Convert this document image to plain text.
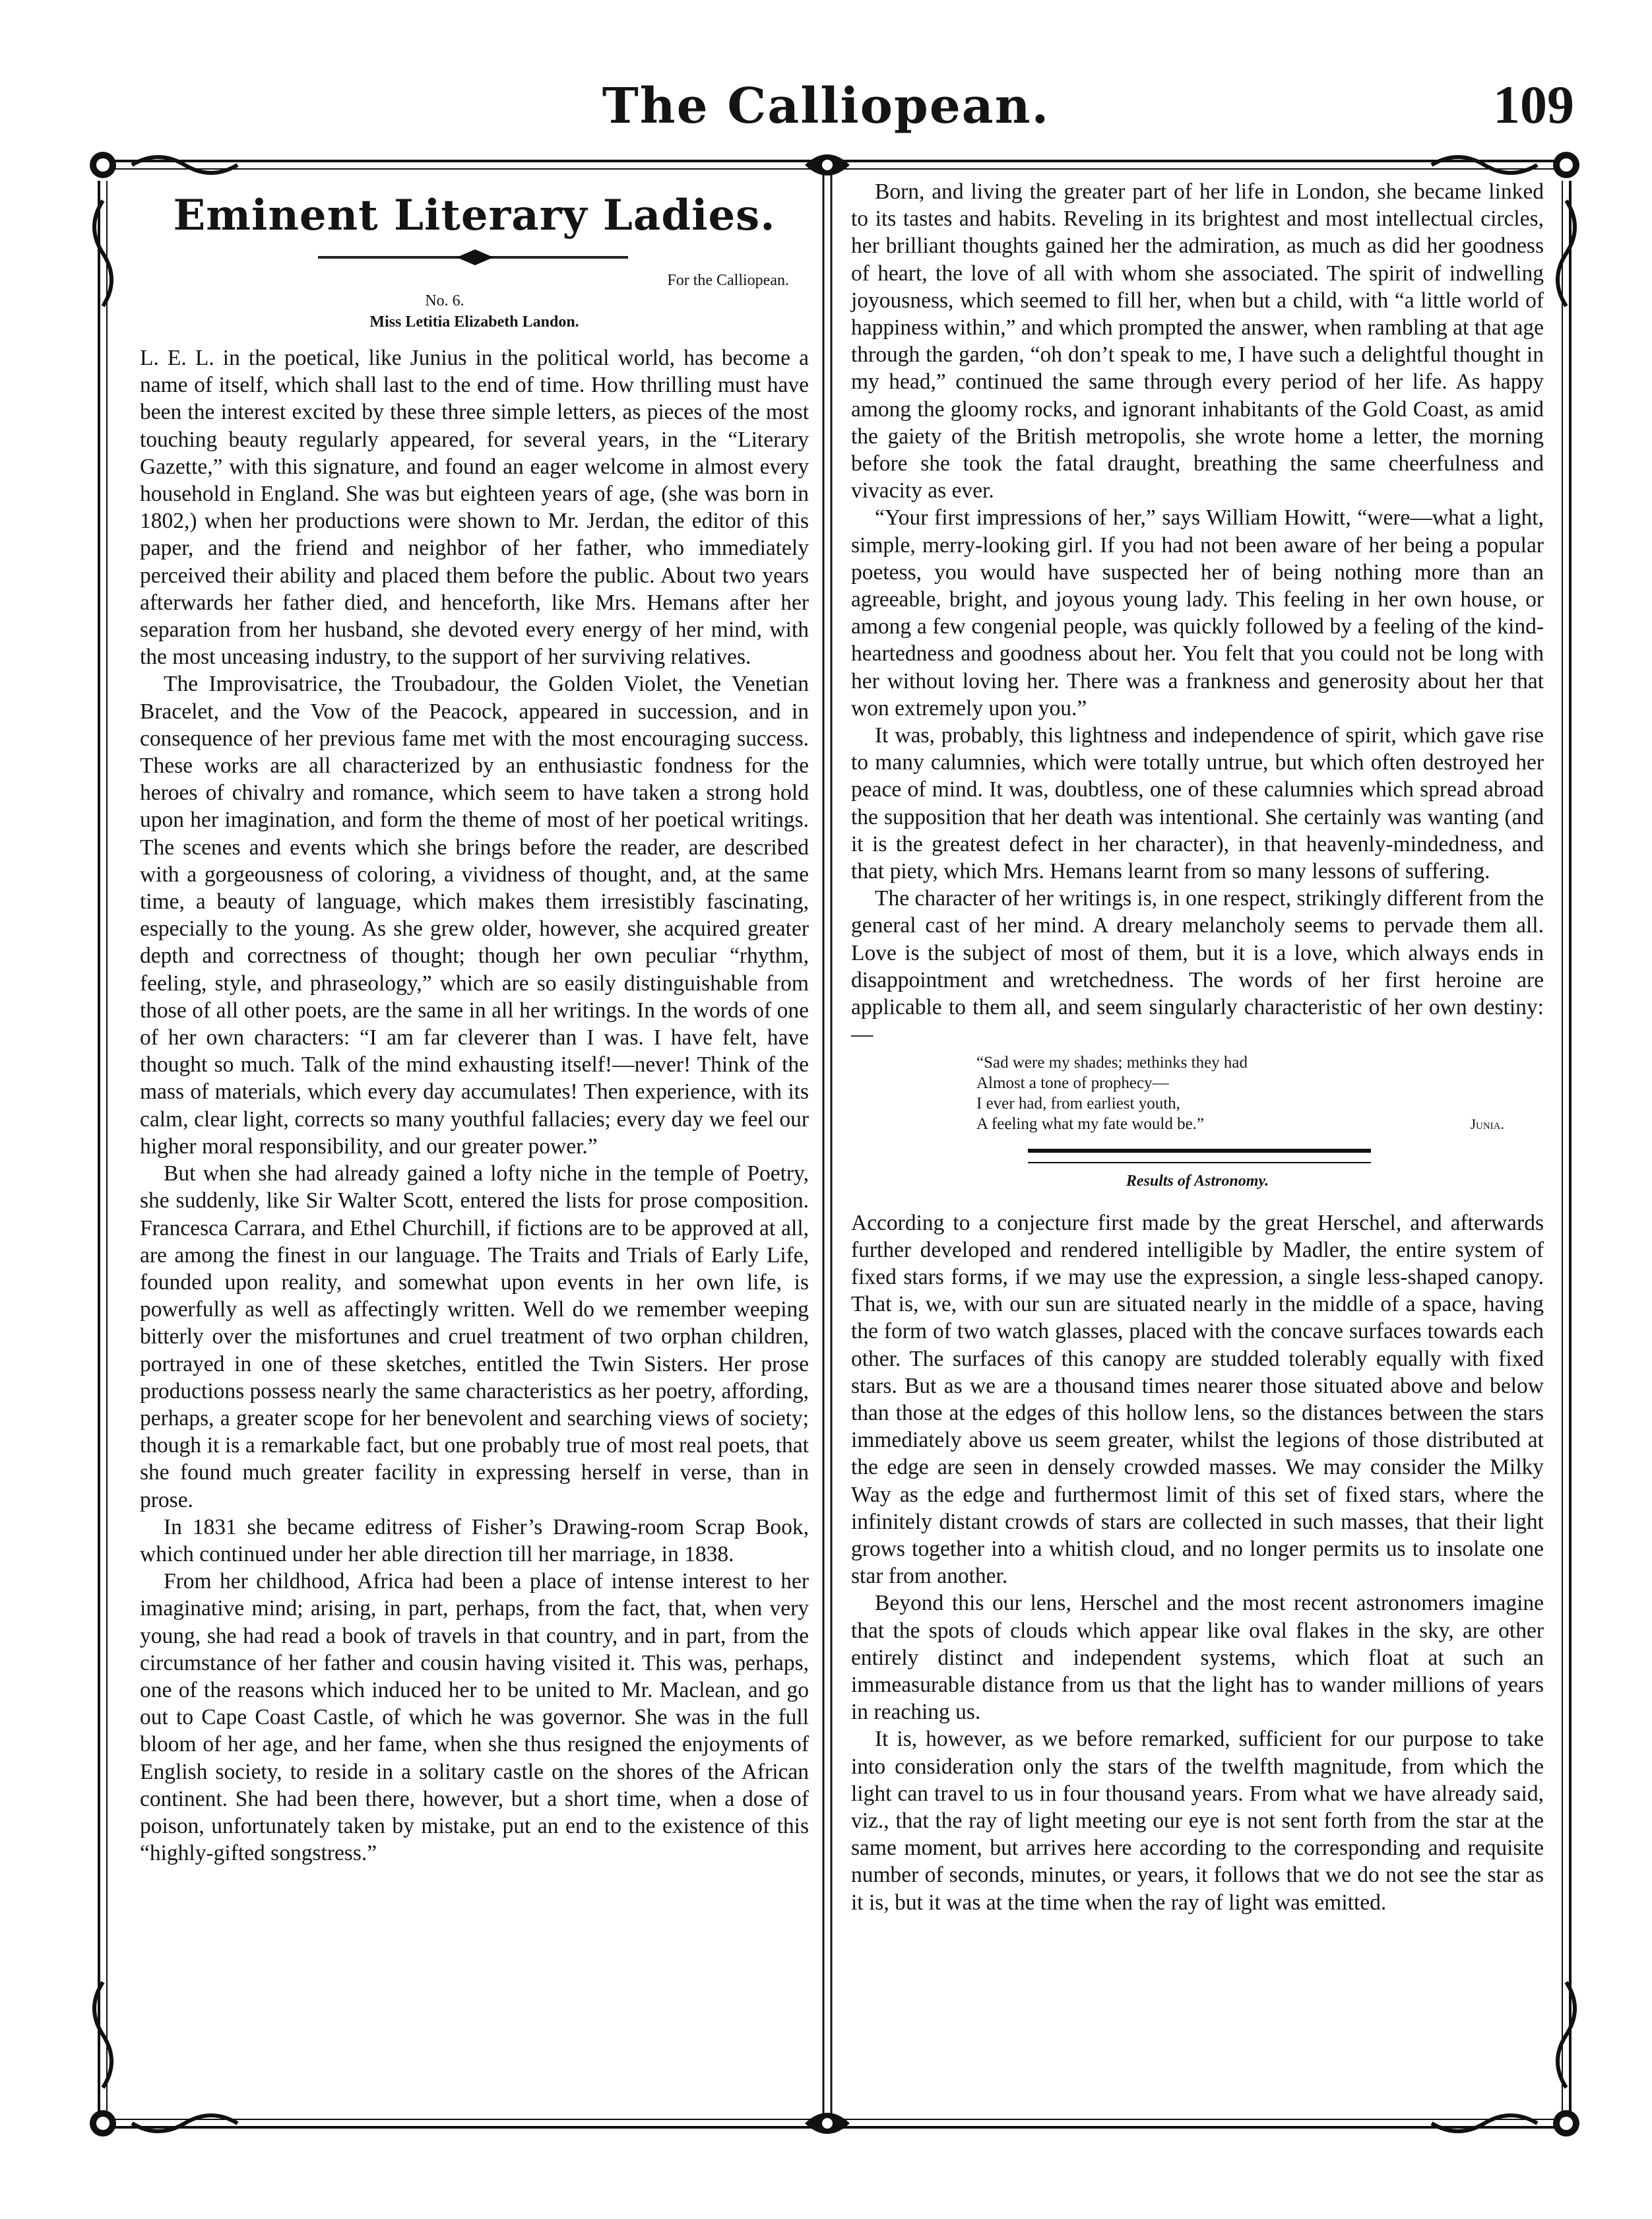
The Calliopean.	109
Eminent Literary Ladies.
For the Calliopean.
No. 6.
Miss Letitia Elizabeth Landon.

L. E. L. in the poetical, like Junius in the political world, has become a name of itself, which shall last to the end of time. How thrilling must have been the interest excited by these three simple letters, as pieces of the most touching beauty regularly appeared, for several years, in the “Literary Gazette,” with this signature, and found an eager welcome in almost every household in England. She was but eighteen years of age, (she was born in 1802,) when her productions were shown to Mr. Jerdan, the editor of this paper, and the friend and neighbor of her father, who immediately perceived their ability and placed them before the public. About two years afterwards her father died, and henceforth, like Mrs. Hemans after her separation from her husband, she devoted every energy of her mind, with the most unceasing industry, to the support of her surviving relatives.

The Improvisatrice, the Troubadour, the Golden Violet, the Venetian Bracelet, and the Vow of the Peacock, appeared in succession, and in consequence of her previous fame met with the most encouraging success. These works are all characterized by an enthusiastic fondness for the heroes of chivalry and romance, which seem to have taken a strong hold upon her imagination, and form the theme of most of her poetical writings. The scenes and events which she brings before the reader, are described with a gorgeousness of coloring, a vividness of thought, and, at the same time, a beauty of language, which makes them irresistibly fascinating, especially to the young. As she grew older, however, she acquired greater depth and correctness of thought; though her own peculiar “rhythm, feeling, style, and phraseology,” which are so easily distinguishable from those of all other poets, are the same in all her writings. In the words of one of her own characters: “I am far cleverer than I was. I have felt, have thought so much. Talk of the mind exhausting itself!—never! Think of the mass of materials, which every day accumulates! Then experience, with its calm, clear light, corrects so many youthful fallacies; every day we feel our higher moral responsibility, and our greater power.”

But when she had already gained a lofty niche in the temple of Poetry, she suddenly, like Sir Walter Scott, entered the lists for prose composition. Francesca Carrara, and Ethel Churchill, if fictions are to be approved at all, are among the finest in our language. The Traits and Trials of Early Life, founded upon reality, and somewhat upon events in her own life, is powerfully as well as affectingly written. Well do we remember weeping bitterly over the misfortunes and cruel treatment of two orphan children, portrayed in one of these sketches, entitled the Twin Sisters. Her prose productions possess nearly the same characteristics as her poetry, affording, perhaps, a greater scope for her benevolent and searching views of society; though it is a remarkable fact, but one probably true of most real poets, that she found much greater facility in expressing herself in verse, than in prose.

In 1831 she became editress of Fisher’s Drawing-room Scrap Book, which continued under her able direction till her marriage, in 1838.

From her childhood, Africa had been a place of intense interest to her imaginative mind; arising, in part, perhaps, from the fact, that, when very young, she had read a book of travels in that country, and in part, from the circumstance of her father and cousin having visited it. This was, perhaps, one of the reasons which induced her to be united to Mr. Maclean, and go out to Cape Coast Castle, of which he was governor. She was in the full bloom of her age, and her fame, when she thus resigned the enjoyments of English society, to reside in a solitary castle on the shores of the African continent. She had been there, however, but a short time, when a dose of poison, unfortunately taken by mistake, put an end to the existence of this “highly-gifted songstress.”

Born, and living the greater part of her life in London, she became linked to its tastes and habits. Reveling in its brightest and most intellectual circles, her brilliant thoughts gained her the admiration, as much as did her goodness of heart, the love of all with whom she associated. The spirit of indwelling joyousness, which seemed to fill her, when but a child, with “a little world of happiness within,” and which prompted the answer, when rambling at that age through the garden, “oh don’t speak to me, I have such a delightful thought in my head,” continued the same through every period of her life. As happy among the gloomy rocks, and ignorant inhabitants of the Gold Coast, as amid the gaiety of the British metropolis, she wrote home a letter, the morning before she took the fatal draught, breathing the same cheerfulness and vivacity as ever.

“Your first impressions of her,” says William Howitt, “were—what a light, simple, merry-looking girl. If you had not been aware of her being a popular poetess, you would have suspected her of being nothing more than an agreeable, bright, and joyous young lady. This feeling in her own house, or among a few congenial people, was quickly followed by a feeling of the kind-heartedness and goodness about her. You felt that you could not be long with her without loving her. There was a frankness and generosity about her that won extremely upon you.”

It was, probably, this lightness and independence of spirit, which gave rise to many calumnies, which were totally untrue, but which often destroyed her peace of mind. It was, doubtless, one of these calumnies which spread abroad the supposition that her death was intentional. She certainly was wanting (and it is the greatest defect in her character), in that heavenly-mindedness, and that piety, which Mrs. Hemans learnt from so many lessons of suffering.

The character of her writings is, in one respect, strikingly different from the general cast of her mind. A dreary melancholy seems to pervade them all. Love is the subject of most of them, but it is a love, which always ends in disappointment and wretchedness. The words of her first heroine are applicable to them all, and seem singularly characteristic of her own destiny:—

“Sad were my shades; methinks they had
Almost a tone of prophecy—
I ever had, from earliest youth,
A feeling what my fate would be.”	Junia.
Results of Astronomy.

According to a conjecture first made by the great Herschel, and afterwards further developed and rendered intelligible by Madler, the entire system of fixed stars forms, if we may use the expression, a single less-shaped canopy. That is, we, with our sun are situated nearly in the middle of a space, having the form of two watch glasses, placed with the concave surfaces towards each other. The surfaces of this canopy are studded tolerably equally with fixed stars. But as we are a thousand times nearer those situated above and below than those at the edges of this hollow lens, so the distances between the stars immediately above us seem greater, whilst the legions of those distributed at the edge are seen in densely crowded masses. We may consider the Milky Way as the edge and furthermost limit of this set of fixed stars, where the infinitely distant crowds of stars are collected in such masses, that their light grows together into a whitish cloud, and no longer permits us to insolate one star from another.

Beyond this our lens, Herschel and the most recent astronomers imagine that the spots of clouds which appear like oval flakes in the sky, are other entirely distinct and independent systems, which float at such an immeasurable distance from us that the light has to wander millions of years in reaching us.

It is, however, as we before remarked, sufficient for our purpose to take into consideration only the stars of the twelfth magnitude, from which the light can travel to us in four thousand years. From what we have already said, viz., that the ray of light meeting our eye is not sent forth from the star at the same moment, but arrives here according to the corresponding and requisite number of seconds, minutes, or years, it follows that we do not see the star as it is, but it was at the time when the ray of light was emitted.
